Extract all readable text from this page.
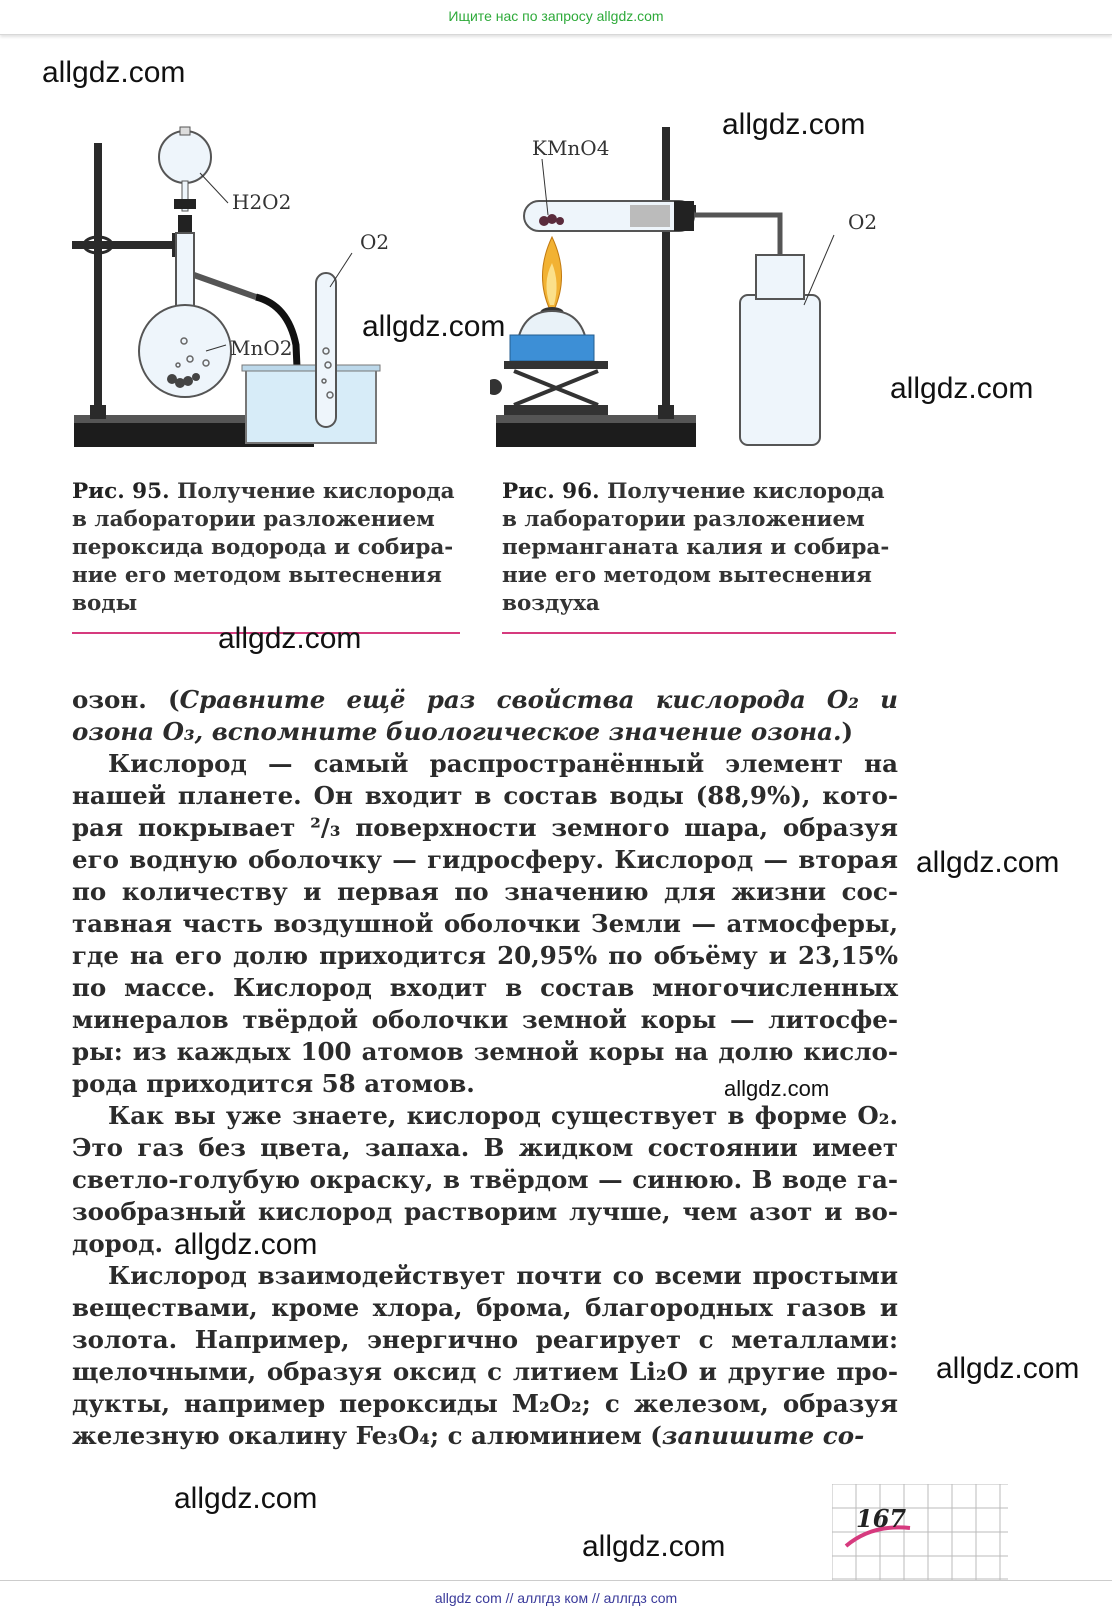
Ищите нас по запросу allgdz.com
H2O2
O2
MnO2
KMnO4
O2
Рис. 95. Получение кислорода
в лаборатории разложением
пероксида водорода и собира-
ние его методом вытеснения
воды
Рис. 96. Получение кислорода
в лаборатории разложением
перманганата калия и собира-
ние его методом вытеснения
воздуха

озон. (Сравните ещё раз свойства кислорода O₂ и озона O₃, вспомните биологическое значение озона.)

Кислород — самый распространённый элемент на нашей планете. Он входит в состав воды (88,9%), которая покрывает ²/₃ поверхности земного шара, образуя его водную оболочку — гидросферу. Кислород — вторая по количеству и первая по значению для жизни составная часть воздушной оболочки Земли — атмосферы, где на его долю приходится 20,95% по объёму и 23,15% по массе. Кислород входит в состав многочисленных минералов твёрдой оболочки земной коры — литосферы: из каждых 100 атомов земной коры на долю кислорода приходится 58 атомов.

Как вы уже знаете, кислород существует в форме O₂. Это газ без цвета, запаха. В жидком состоянии имеет светло-голубую окраску, в твёрдом — синюю. В воде газообразный кислород растворим лучше, чем азот и водород.

Кислород взаимодействует почти со всеми простыми веществами, кроме хлора, брома, благородных газов и золота. Например, энергично реагирует с металлами: щелочными, образуя оксид с литием Li₂O и другие продукты, например пероксиды M₂O₂; с железом, образуя железную окалину Fe₃O₄; с алюминием (запишите со-

167
allgdz.com
allgdz.com
allgdz.com
allgdz.com
allgdz.com
allgdz.com
allgdz.com
allgdz.com
allgdz.com
allgdz.com
allgdz.com
allgdz com // аллгдз ком // аллгдз com
